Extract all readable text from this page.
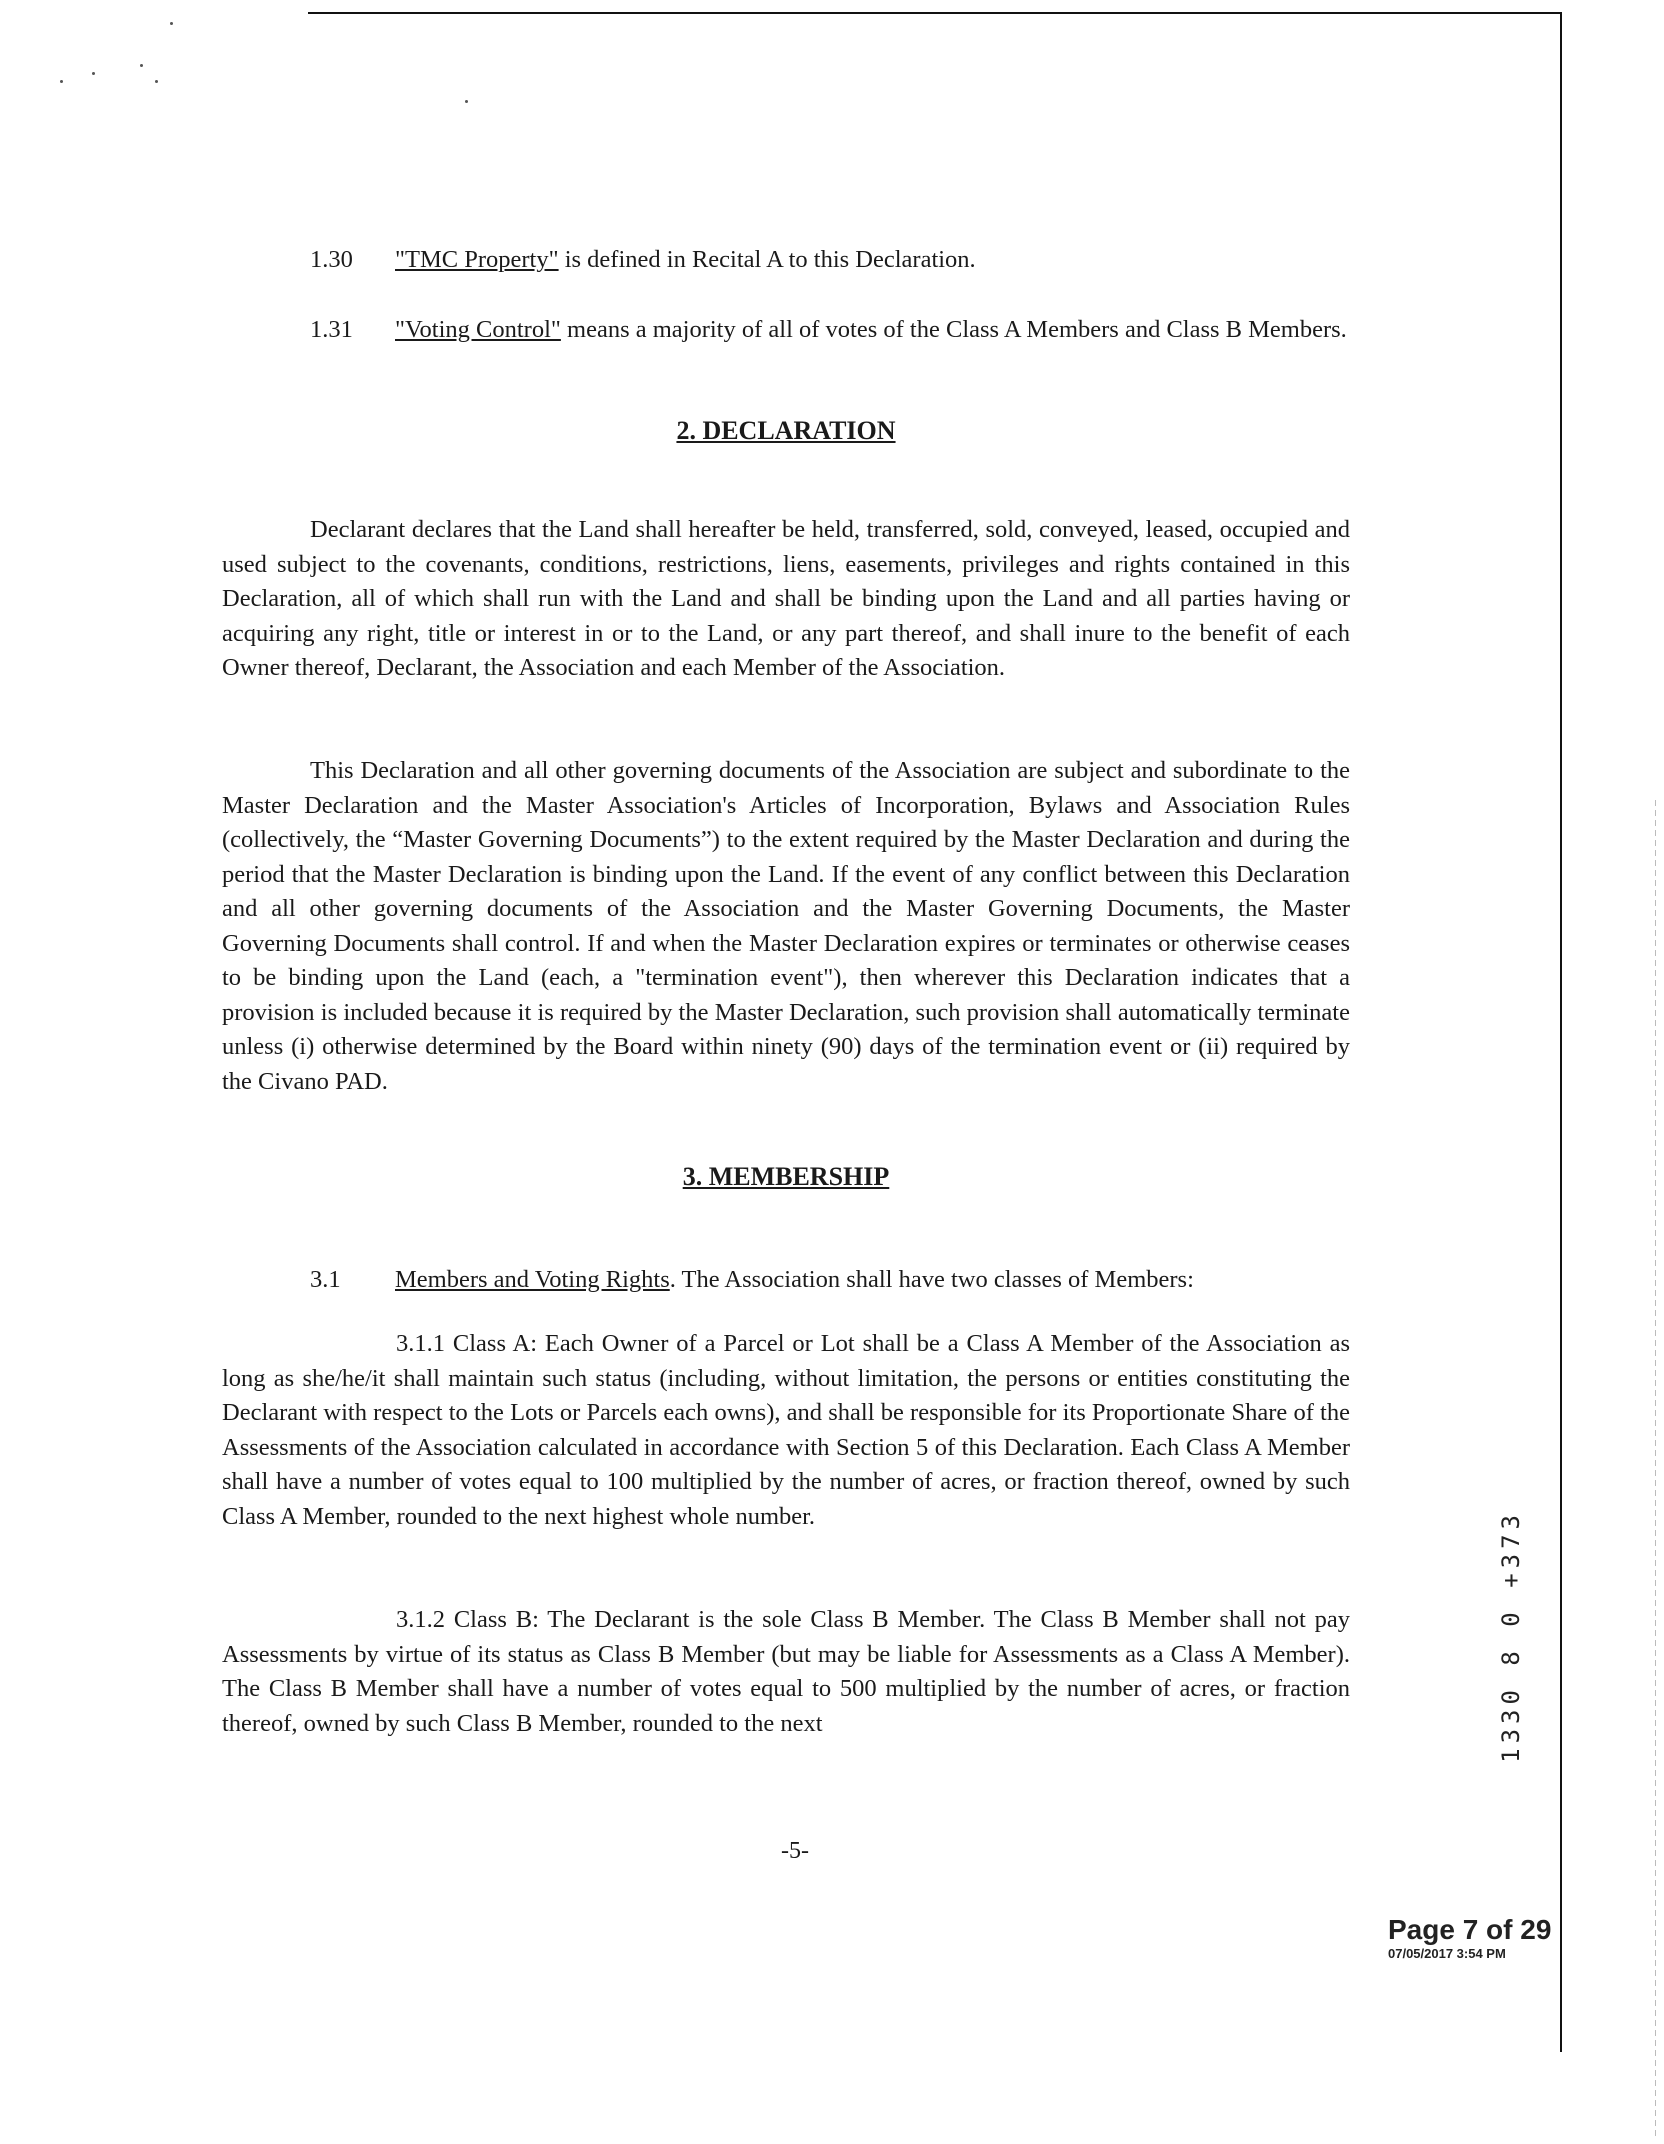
1.30 "TMC Property" is defined in Recital A to this Declaration.
1.31 "Voting Control" means a majority of all of votes of the Class A Members and Class B Members.
2. DECLARATION

Declarant declares that the Land shall hereafter be held, transferred, sold, conveyed, leased, occupied and used subject to the covenants, conditions, restrictions, liens, easements, privileges and rights contained in this Declaration, all of which shall run with the Land and shall be binding upon the Land and all parties having or acquiring any right, title or interest in or to the Land, or any part thereof, and shall inure to the benefit of each Owner thereof, Declarant, the Association and each Member of the Association.

This Declaration and all other governing documents of the Association are subject and subordinate to the Master Declaration and the Master Association's Articles of Incorporation, Bylaws and Association Rules (collectively, the “Master Governing Documents”) to the extent required by the Master Declaration and during the period that the Master Declaration is binding upon the Land. If the event of any conflict between this Declaration and all other governing documents of the Association and the Master Governing Documents, the Master Governing Documents shall control. If and when the Master Declaration expires or terminates or otherwise ceases to be binding upon the Land (each, a "termination event"), then wherever this Declaration indicates that a provision is included because it is required by the Master Declaration, such provision shall automatically terminate unless (i) otherwise determined by the Board within ninety (90) days of the termination event or (ii) required by the Civano PAD.

3. MEMBERSHIP
3.1 Members and Voting Rights. The Association shall have two classes of Members:

3.1.1 Class A: Each Owner of a Parcel or Lot shall be a Class A Member of the Association as long as she/he/it shall maintain such status (including, without limitation, the persons or entities constituting the Declarant with respect to the Lots or Parcels each owns), and shall be responsible for its Proportionate Share of the Assessments of the Association calculated in accordance with Section 5 of this Declaration. Each Class A Member shall have a number of votes equal to 100 multiplied by the number of acres, or fraction thereof, owned by such Class A Member, rounded to the next highest whole number.

3.1.2 Class B: The Declarant is the sole Class B Member. The Class B Member shall not pay Assessments by virtue of its status as Class B Member (but may be liable for Assessments as a Class A Member). The Class B Member shall have a number of votes equal to 500 multiplied by the number of acres, or fraction thereof, owned by such Class B Member, rounded to the next	1330 8 0 +373
-5-
Page 7 of 29
07/05/2017 3:54 PM
